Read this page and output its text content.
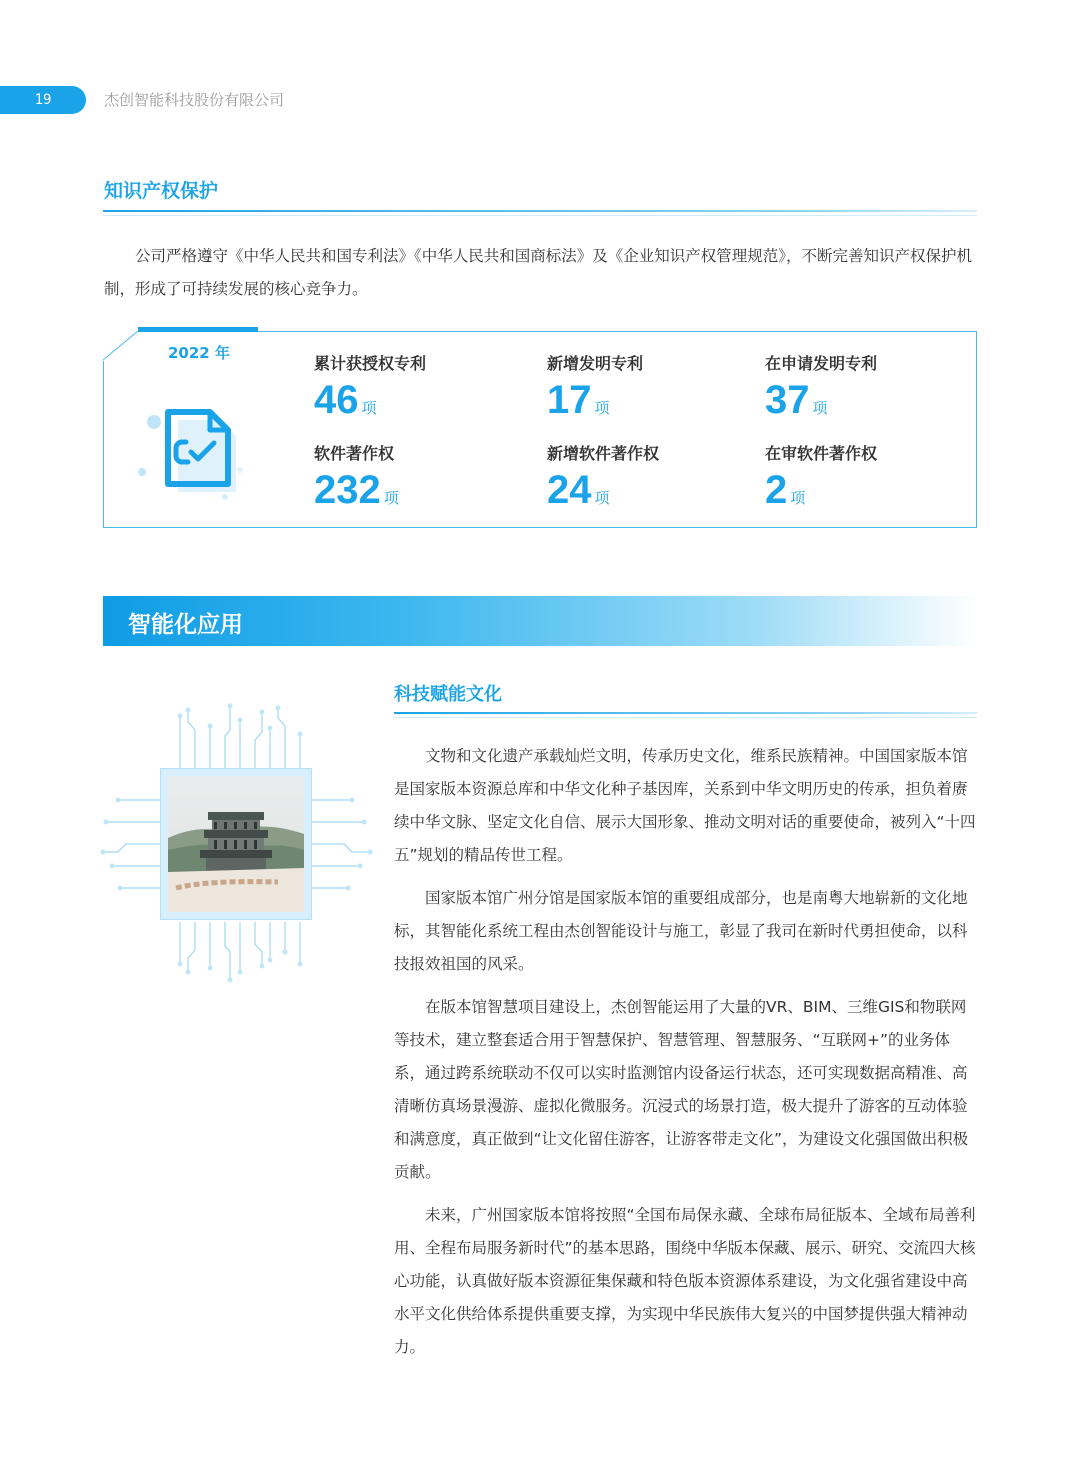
19	杰创智能科技股份有限公司
知识产权保护

公司严格遵守《中华人民共和国专利法》《中华人民共和国商标法》及《企业知识产权管理规范》，不断完善知识产权保护机制，形成了可持续发展的核心竞争力。

2022 年
累计获授权专利
46 项
新增发明专利
17 项
在申请发明专利
37 项
软件著作权
232 项
新增软件著作权
24 项
在审软件著作权
2 项
智能化应用
科技赋能文化

文物和文化遗产承载灿烂文明，传承历史文化，维系民族精神。中国国家版本馆是国家版本资源总库和中华文化种子基因库，关系到中华文明历史的传承，担负着赓续中华文脉、坚定文化自信、展示大国形象、推动文明对话的重要使命，被列入“十四五”规划的精品传世工程。

国家版本馆广州分馆是国家版本馆的重要组成部分，也是南粤大地崭新的文化地标，其智能化系统工程由杰创智能设计与施工，彰显了我司在新时代勇担使命，以科技报效祖国的风采。

在版本馆智慧项目建设上，杰创智能运用了大量的VR、BIM、三维GIS和物联网等技术，建立整套适合用于智慧保护、智慧管理、智慧服务、“互联网+”的业务体系，通过跨系统联动不仅可以实时监测馆内设备运行状态，还可实现数据高精准、高清晰仿真场景漫游、虚拟化微服务。沉浸式的场景打造，极大提升了游客的互动体验和满意度，真正做到“让文化留住游客，让游客带走文化”，为建设文化强国做出积极贡献。

未来，广州国家版本馆将按照“全国布局保永藏、全球布局征版本、全域布局善利用、全程布局服务新时代”的基本思路，围绕中华版本保藏、展示、研究、交流四大核心功能，认真做好版本资源征集保藏和特色版本资源体系建设，为文化强省建设中高水平文化供给体系提供重要支撑，为实现中华民族伟大复兴的中国梦提供强大精神动力。
